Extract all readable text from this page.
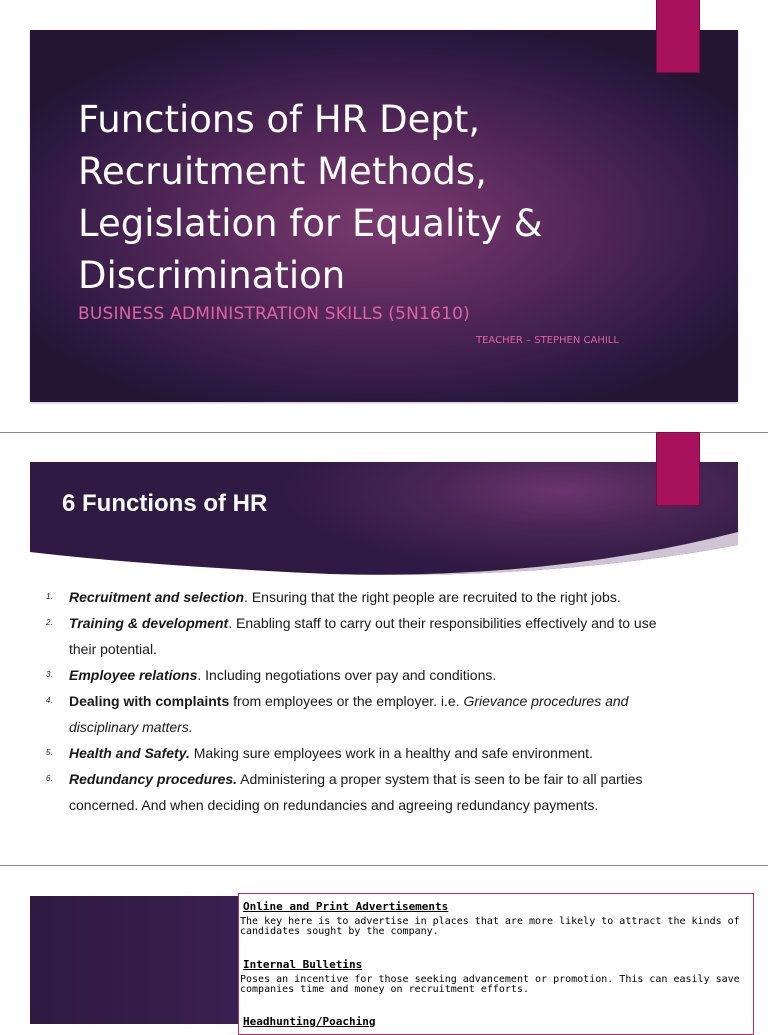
Functions of HR Dept,
Recruitment Methods,
Legislation for Equality &
Discrimination
BUSINESS ADMINISTRATION SKILLS (5N1610)
TEACHER – STEPHEN CAHILL
6 Functions of HR
1. Recruitment and selection. Ensuring that the right people are recruited to the right jobs.
2. Training & development. Enabling staff to carry out their responsibilities effectively and to use their potential.
3. Employee relations. Including negotiations over pay and conditions.
4. Dealing with complaints from employees or the employer. i.e. Grievance procedures and disciplinary matters.
5. Health and Safety. Making sure employees work in a healthy and safe environment.
6. Redundancy procedures. Administering a proper system that is seen to be fair to all parties concerned. And when deciding on redundancies and agreeing redundancy payments.
Online and Print Advertisements
The key here is to advertise in places that are more likely to attract the kinds of
candidates sought by the company.
Internal Bulletins
Poses an incentive for those seeking advancement or promotion. This can easily save
companies time and money on recruitment efforts.
Headhunting/Poaching
